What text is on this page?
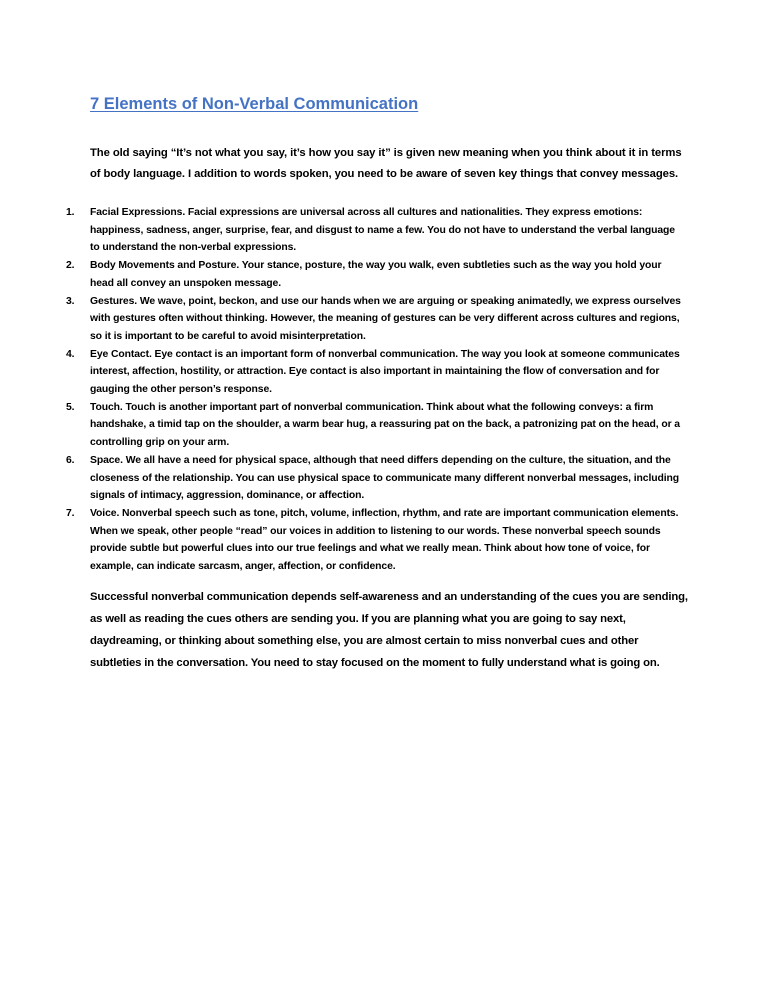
7 Elements of Non-Verbal Communication

The old saying “It’s not what you say, it’s how you say it” is given new meaning when you think about it in terms of body language. I addition to words spoken, you need to be aware of seven key things that convey messages.

1. Facial Expressions. Facial expressions are universal across all cultures and nationalities. They express emotions: happiness, sadness, anger, surprise, fear, and disgust to name a few. You do not have to understand the verbal language to understand the non-verbal expressions.
2. Body Movements and Posture. Your stance, posture, the way you walk, even subtleties such as the way you hold your head all convey an unspoken message.
3. Gestures. We wave, point, beckon, and use our hands when we are arguing or speaking animatedly, we express ourselves with gestures often without thinking. However, the meaning of gestures can be very different across cultures and regions, so it is important to be careful to avoid misinterpretation.
4. Eye Contact. Eye contact is an important form of nonverbal communication. The way you look at someone communicates interest, affection, hostility, or attraction. Eye contact is also important in maintaining the flow of conversation and for gauging the other person’s response.
5. Touch. Touch is another important part of nonverbal communication. Think about what the following conveys: a firm handshake, a timid tap on the shoulder, a warm bear hug, a reassuring pat on the back, a patronizing pat on the head, or a controlling grip on your arm.
6. Space. We all have a need for physical space, although that need differs depending on the culture, the situation, and the closeness of the relationship. You can use physical space to communicate many different nonverbal messages, including signals of intimacy, aggression, dominance, or affection.
7. Voice. Nonverbal speech such as tone, pitch, volume, inflection, rhythm, and rate are important communication elements. When we speak, other people “read” our voices in addition to listening to our words. These nonverbal speech sounds provide subtle but powerful clues into our true feelings and what we really mean. Think about how tone of voice, for example, can indicate sarcasm, anger, affection, or confidence.

Successful nonverbal communication depends self-awareness and an understanding of the cues you are sending, as well as reading the cues others are sending you. If you are planning what you are going to say next, daydreaming, or thinking about something else, you are almost certain to miss nonverbal cues and other subtleties in the conversation. You need to stay focused on the moment to fully understand what is going on.
